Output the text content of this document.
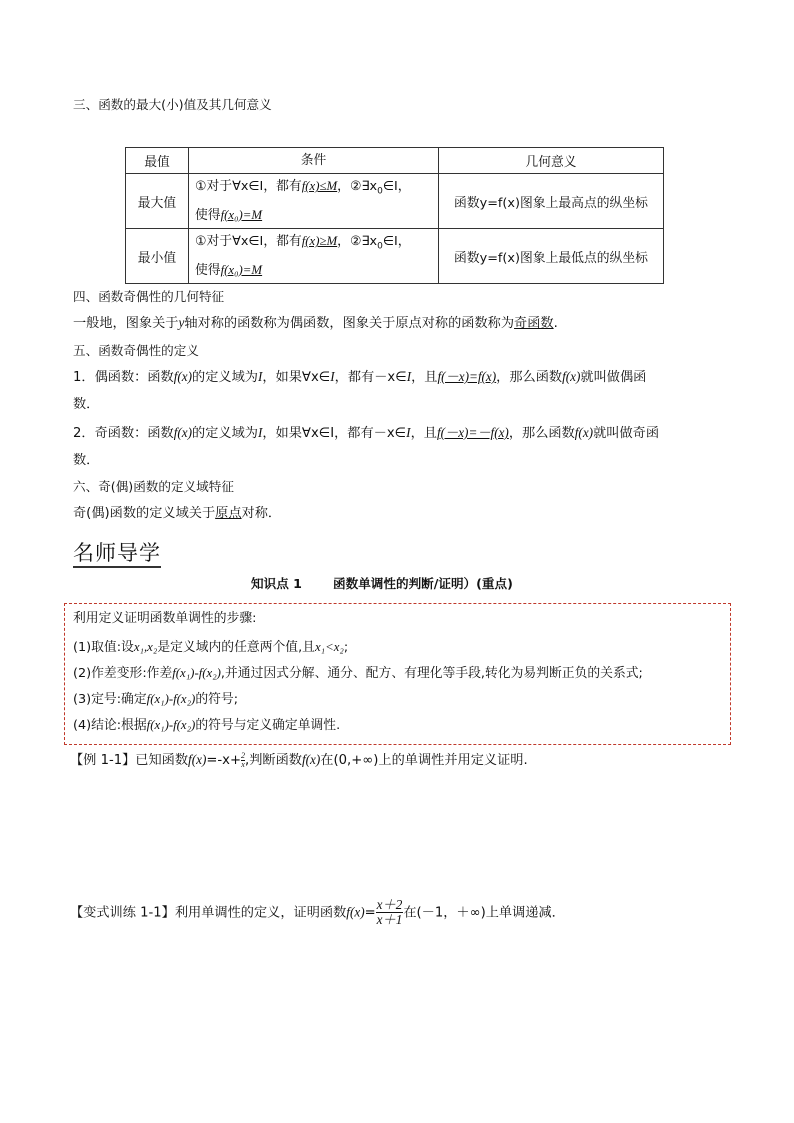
三、函数的最大(小)值及其几何意义
最值	条件	几何意义
最大值	①对于∀x∈I，都有f(x)≤M，$②\exists x_0\in I$，
使得f(x₀)=M	函数y=f(x)图象上最高点的纵坐标
最小值	①对于∀x∈I，都有f(x)≥M，$②\exists x_0\in I$，
使得f(x₀)=M	函数y=f(x)图象上最低点的纵坐标
四、函数奇偶性的几何特征
一般地，图象关于y轴对称的函数称为偶函数，图象关于原点对称的函数称为奇函数.
五、函数奇偶性的定义
1．偶函数：函数f(x)的定义域为I，如果∀x∈I，都有－x∈I，且f(－x)=f(x)，那么函数f(x)就叫做偶函
数．
2．奇函数：函数f(x)的定义域为I，如果∀x∈I，都有－x∈I，且f(－x)=－f(x)，那么函数f(x)就叫做奇函
数．
六、奇(偶)函数的定义域特征
奇(偶)函数的定义域关于原点对称．
名师导学
知识点 1 函数单调性的判断/证明）(重点)
利用定义证明函数单调性的步骤:
(1)取值:设x₁,x₂是定义域内的任意两个值,且x₁<x₂;
(2)作差变形:作差f(x₁)-f(x₂),并通过因式分解、通分、配方、有理化等手段,转化为易判断正负的关系式;
(3)定号:确定f(x₁)-f(x₂)的符号;
(4)结论:根据f(x₁)-f(x₂)的符号与定义确定单调性.
【例 1-1】已知函数$f(x)=-x+ \frac{2}{x}$,判断函数f(x)在(0,+∞)上的单调性并用定义证明.
【变式训练 1-1】利用单调性的定义，证明函数$f(x)= \frac{x+2}{x+1}$ 在(－1，＋∞)上单调递减．
